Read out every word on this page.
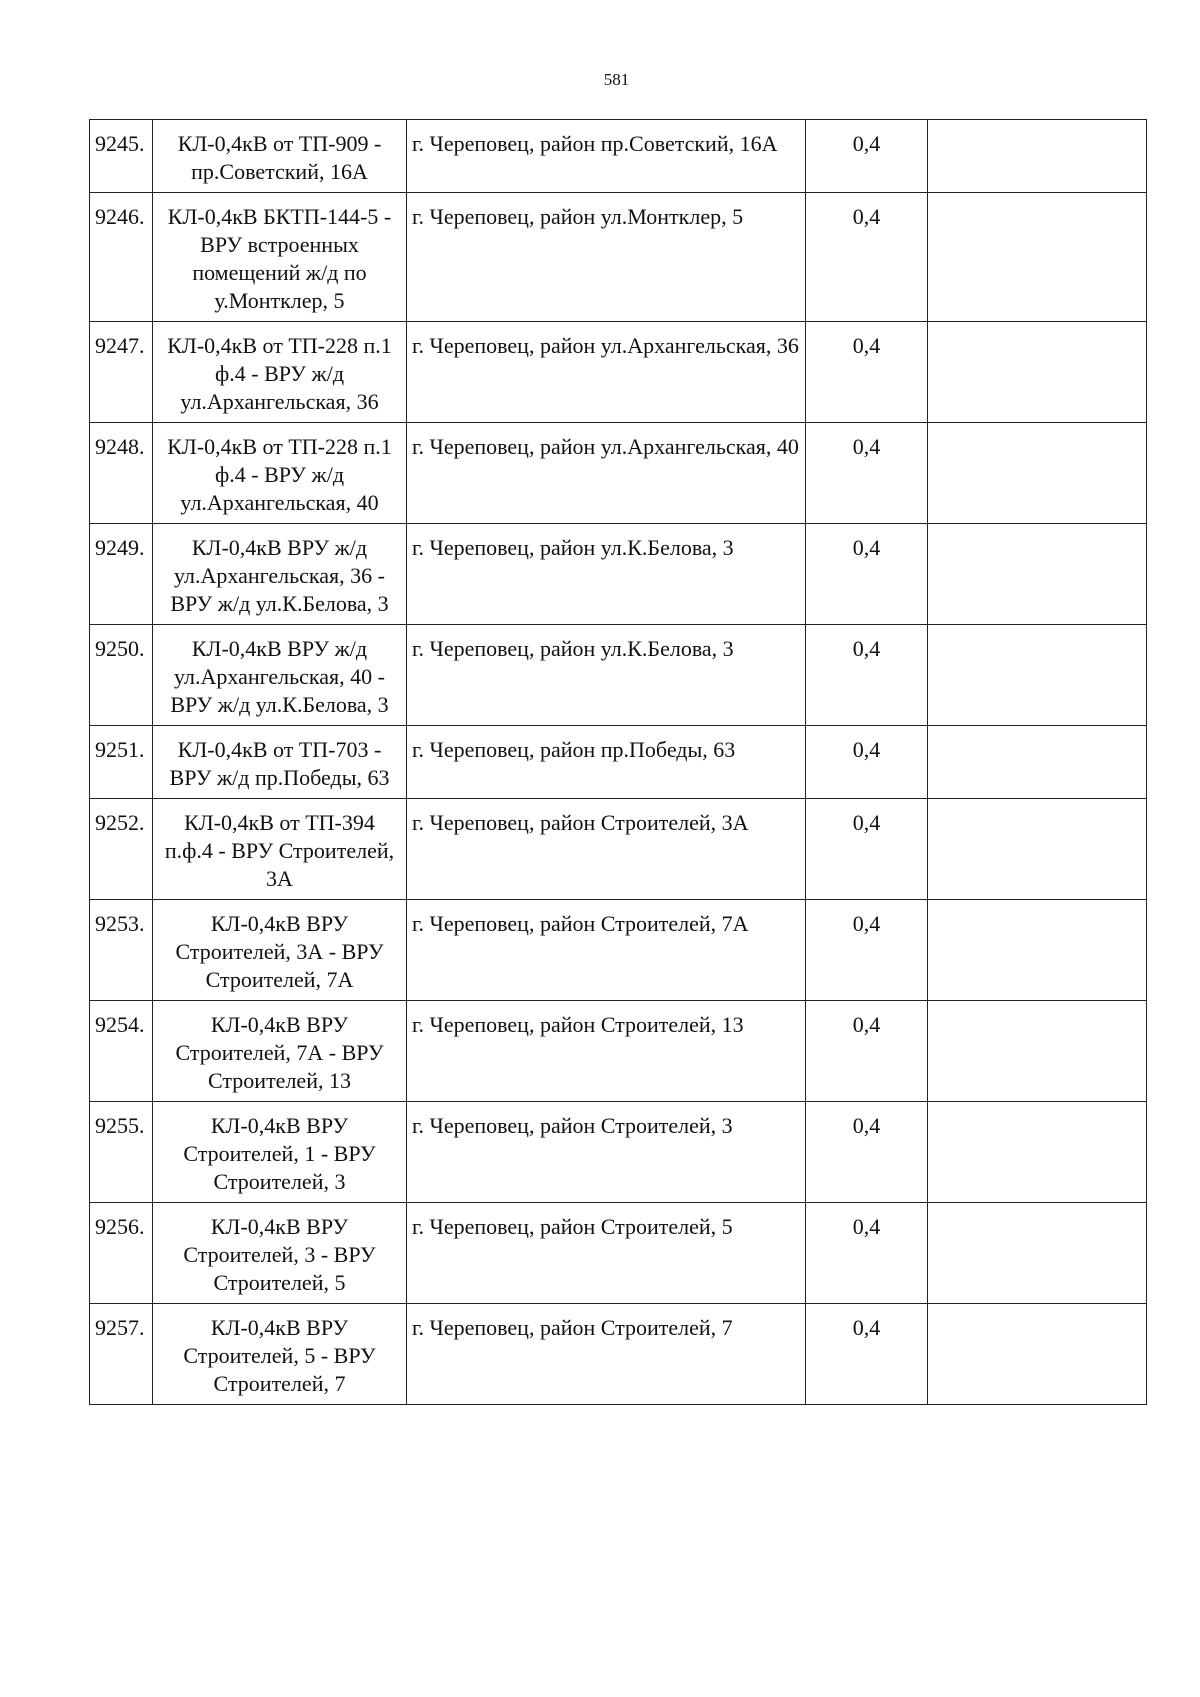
581
9245.	КЛ-0,4кВ от ТП-909 - пр.Советский, 16А	г. Череповец, район пр.Советский, 16А	0,4	
9246.	КЛ-0,4кВ БКТП-144-5 - ВРУ встроенных помещений ж/д по у.Монтклер, 5	г. Череповец, район ул.Монтклер, 5	0,4	
9247.	КЛ-0,4кВ от ТП-228 п.1 ф.4 - ВРУ ж/д ул.Архангельская, 36	г. Череповец, район ул.Архангельская, 36	0,4	
9248.	КЛ-0,4кВ от ТП-228 п.1 ф.4 - ВРУ ж/д ул.Архангельская, 40	г. Череповец, район ул.Архангельская, 40	0,4	
9249.	КЛ-0,4кВ ВРУ ж/д ул.Архангельская, 36 - ВРУ ж/д ул.К.Белова, 3	г. Череповец, район ул.К.Белова, 3	0,4	
9250.	КЛ-0,4кВ ВРУ ж/д ул.Архангельская, 40 - ВРУ ж/д ул.К.Белова, 3	г. Череповец, район ул.К.Белова, 3	0,4	
9251.	КЛ-0,4кВ от ТП-703 - ВРУ ж/д пр.Победы, 63	г. Череповец, район пр.Победы, 63	0,4	
9252.	КЛ-0,4кВ от ТП-394 п.ф.4 - ВРУ Строителей, 3А	г. Череповец, район Строителей, 3А	0,4	
9253.	КЛ-0,4кВ ВРУ Строителей, 3А - ВРУ Строителей, 7А	г. Череповец, район Строителей, 7А	0,4	
9254.	КЛ-0,4кВ ВРУ Строителей, 7А - ВРУ Строителей, 13	г. Череповец, район Строителей, 13	0,4	
9255.	КЛ-0,4кВ ВРУ Строителей, 1 - ВРУ Строителей, 3	г. Череповец, район Строителей, 3	0,4	
9256.	КЛ-0,4кВ ВРУ Строителей, 3 - ВРУ Строителей, 5	г. Череповец, район Строителей, 5	0,4	
9257.	КЛ-0,4кВ ВРУ Строителей, 5 - ВРУ Строителей, 7	г. Череповец, район Строителей, 7	0,4	
